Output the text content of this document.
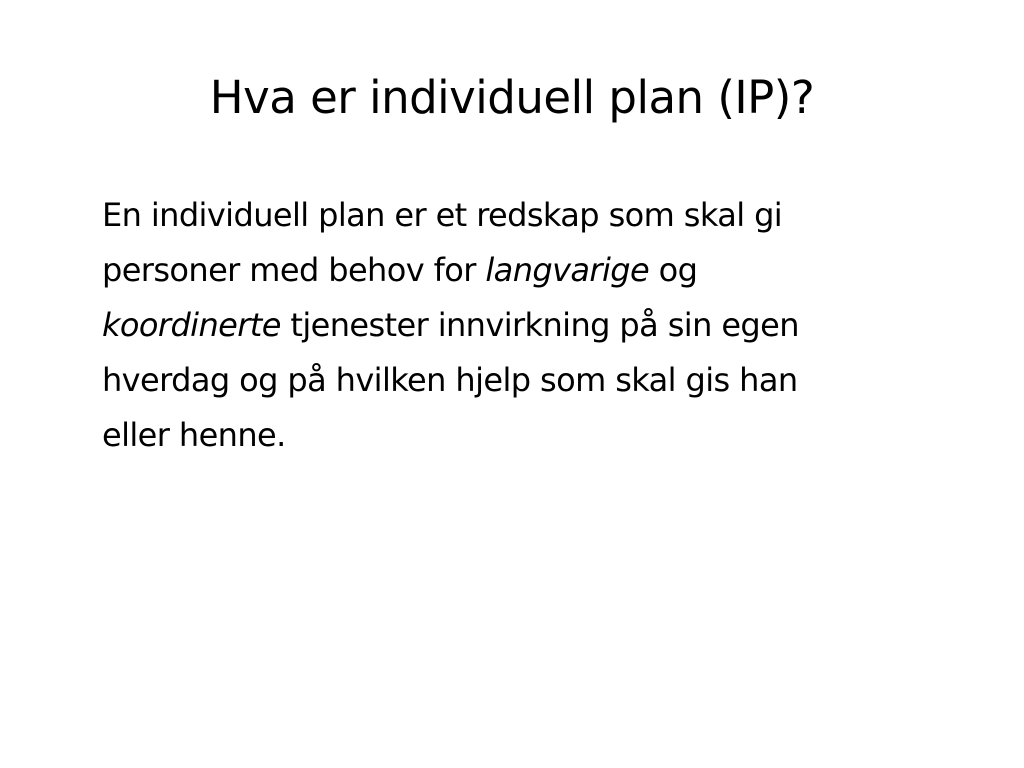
Hva er individuell plan (IP)?

En individuell plan er et redskap som skal gi
personer med behov for langvarige og
koordinerte tjenester innvirkning på sin egen
hverdag og på hvilken hjelp som skal gis han
eller henne.
